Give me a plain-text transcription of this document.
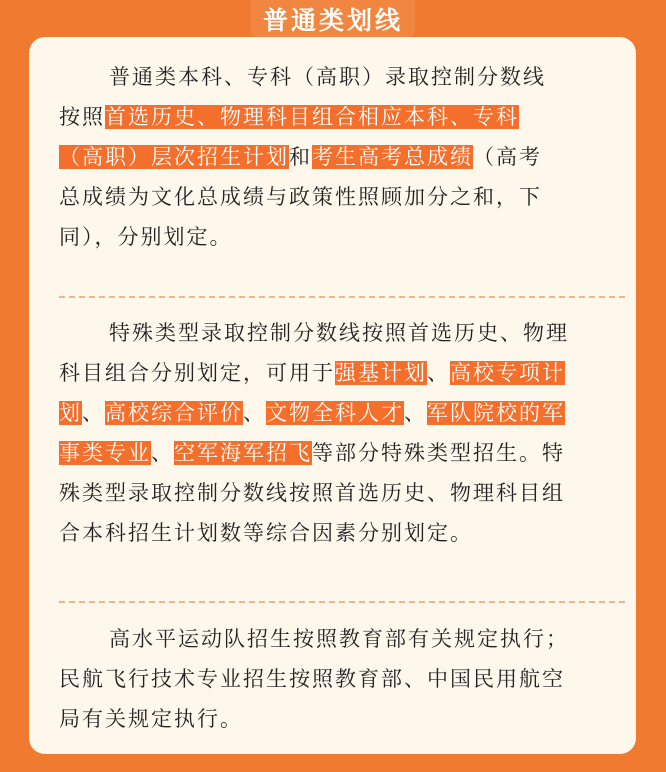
普通类划线
普通类本科、专科（高职）录取控制分数线
按照首选历史、物理科目组合相应本科、专科
（高职）层次招生计划和考生高考总成绩（高考
总成绩为文化总成绩与政策性照顾加分之和，下
同），分别划定。
特殊类型录取控制分数线按照首选历史、物理
科目组合分别划定，可用于强基计划、高校专项计
划、高校综合评价、文物全科人才、军队院校的军
事类专业、空军海军招飞等部分特殊类型招生。特
殊类型录取控制分数线按照首选历史、物理科目组
合本科招生计划数等综合因素分别划定。
高水平运动队招生按照教育部有关规定执行；
民航飞行技术专业招生按照教育部、中国民用航空
局有关规定执行。
